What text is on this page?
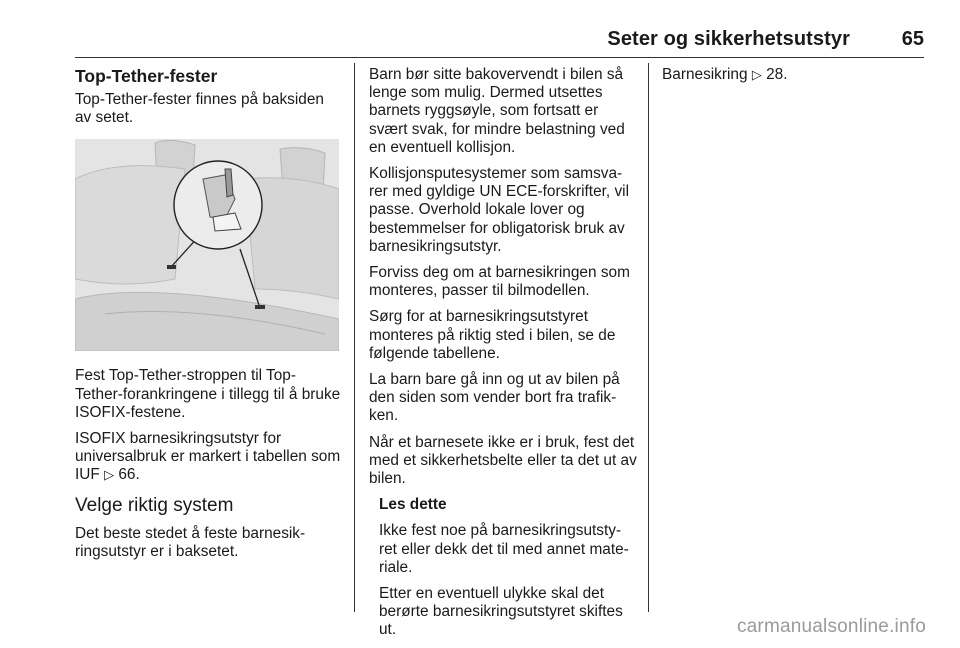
Seter og sikkerhetsutstyr	65
Top-Tether-fester

Top-Tether-fester finnes på baksiden av setet.

Fest Top-Tether-stroppen til Top-Tether-forankringene i tillegg til å bruke ISOFIX-festene.

ISOFIX barnesikringsutstyr for universalbruk er markert i tabellen som IUF ▷ 66.

Velge riktig system

Det beste stedet å feste barnesik-ringsutstyr er i baksetet.

Barn bør sitte bakovervendt i bilen så lenge som mulig. Dermed utsettes barnets ryggsøyle, som fortsatt er svært svak, for mindre belastning ved en eventuell kollisjon.

Kollisjonsputesystemer som samsva-rer med gyldige UN ECE-forskrifter, vil passe. Overhold lokale lover og bestemmelser for obligatorisk bruk av barnesikringsutstyr.

Forviss deg om at barnesikringen som monteres, passer til bilmodellen.

Sørg for at barnesikringsutstyret monteres på riktig sted i bilen, se de følgende tabellene.

La barn bare gå inn og ut av bilen på den siden som vender bort fra trafik-ken.

Når et barnesete ikke er i bruk, fest det med et sikkerhetsbelte eller ta det ut av bilen.

Les dette

Ikke fest noe på barnesikringsutsty-ret eller dekk det til med annet mate-riale.

Etter en eventuell ulykke skal det berørte barnesikringsutstyret skiftes ut.

Barnesikring ▷ 28.

carmanualsonline.info
